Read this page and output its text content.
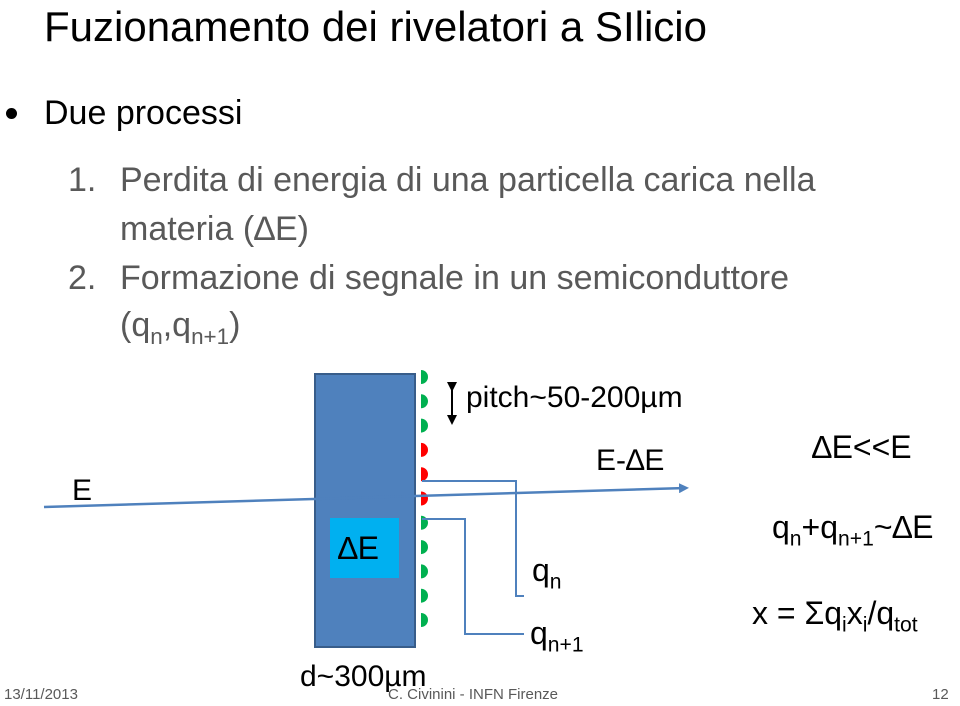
Fuzionamento dei rivelatori a SIlicio
Due processi
1. Perdita di energia di una particella carica nella
materia (∆E)
2. Formazione di segnale in un semiconduttore
$(q_n,q_{n+1})$
E
pitch~50-200µm
E-∆E
∆E
d~300µm
$q_n$
$q_{n+1}$
∆E<<E
$q_n+q_{n+1}\sim\Delta E$
$x = \Sigma q_ix_i/q_{tot}$
13/11/2013	C. Civinini - INFN Firenze	12
